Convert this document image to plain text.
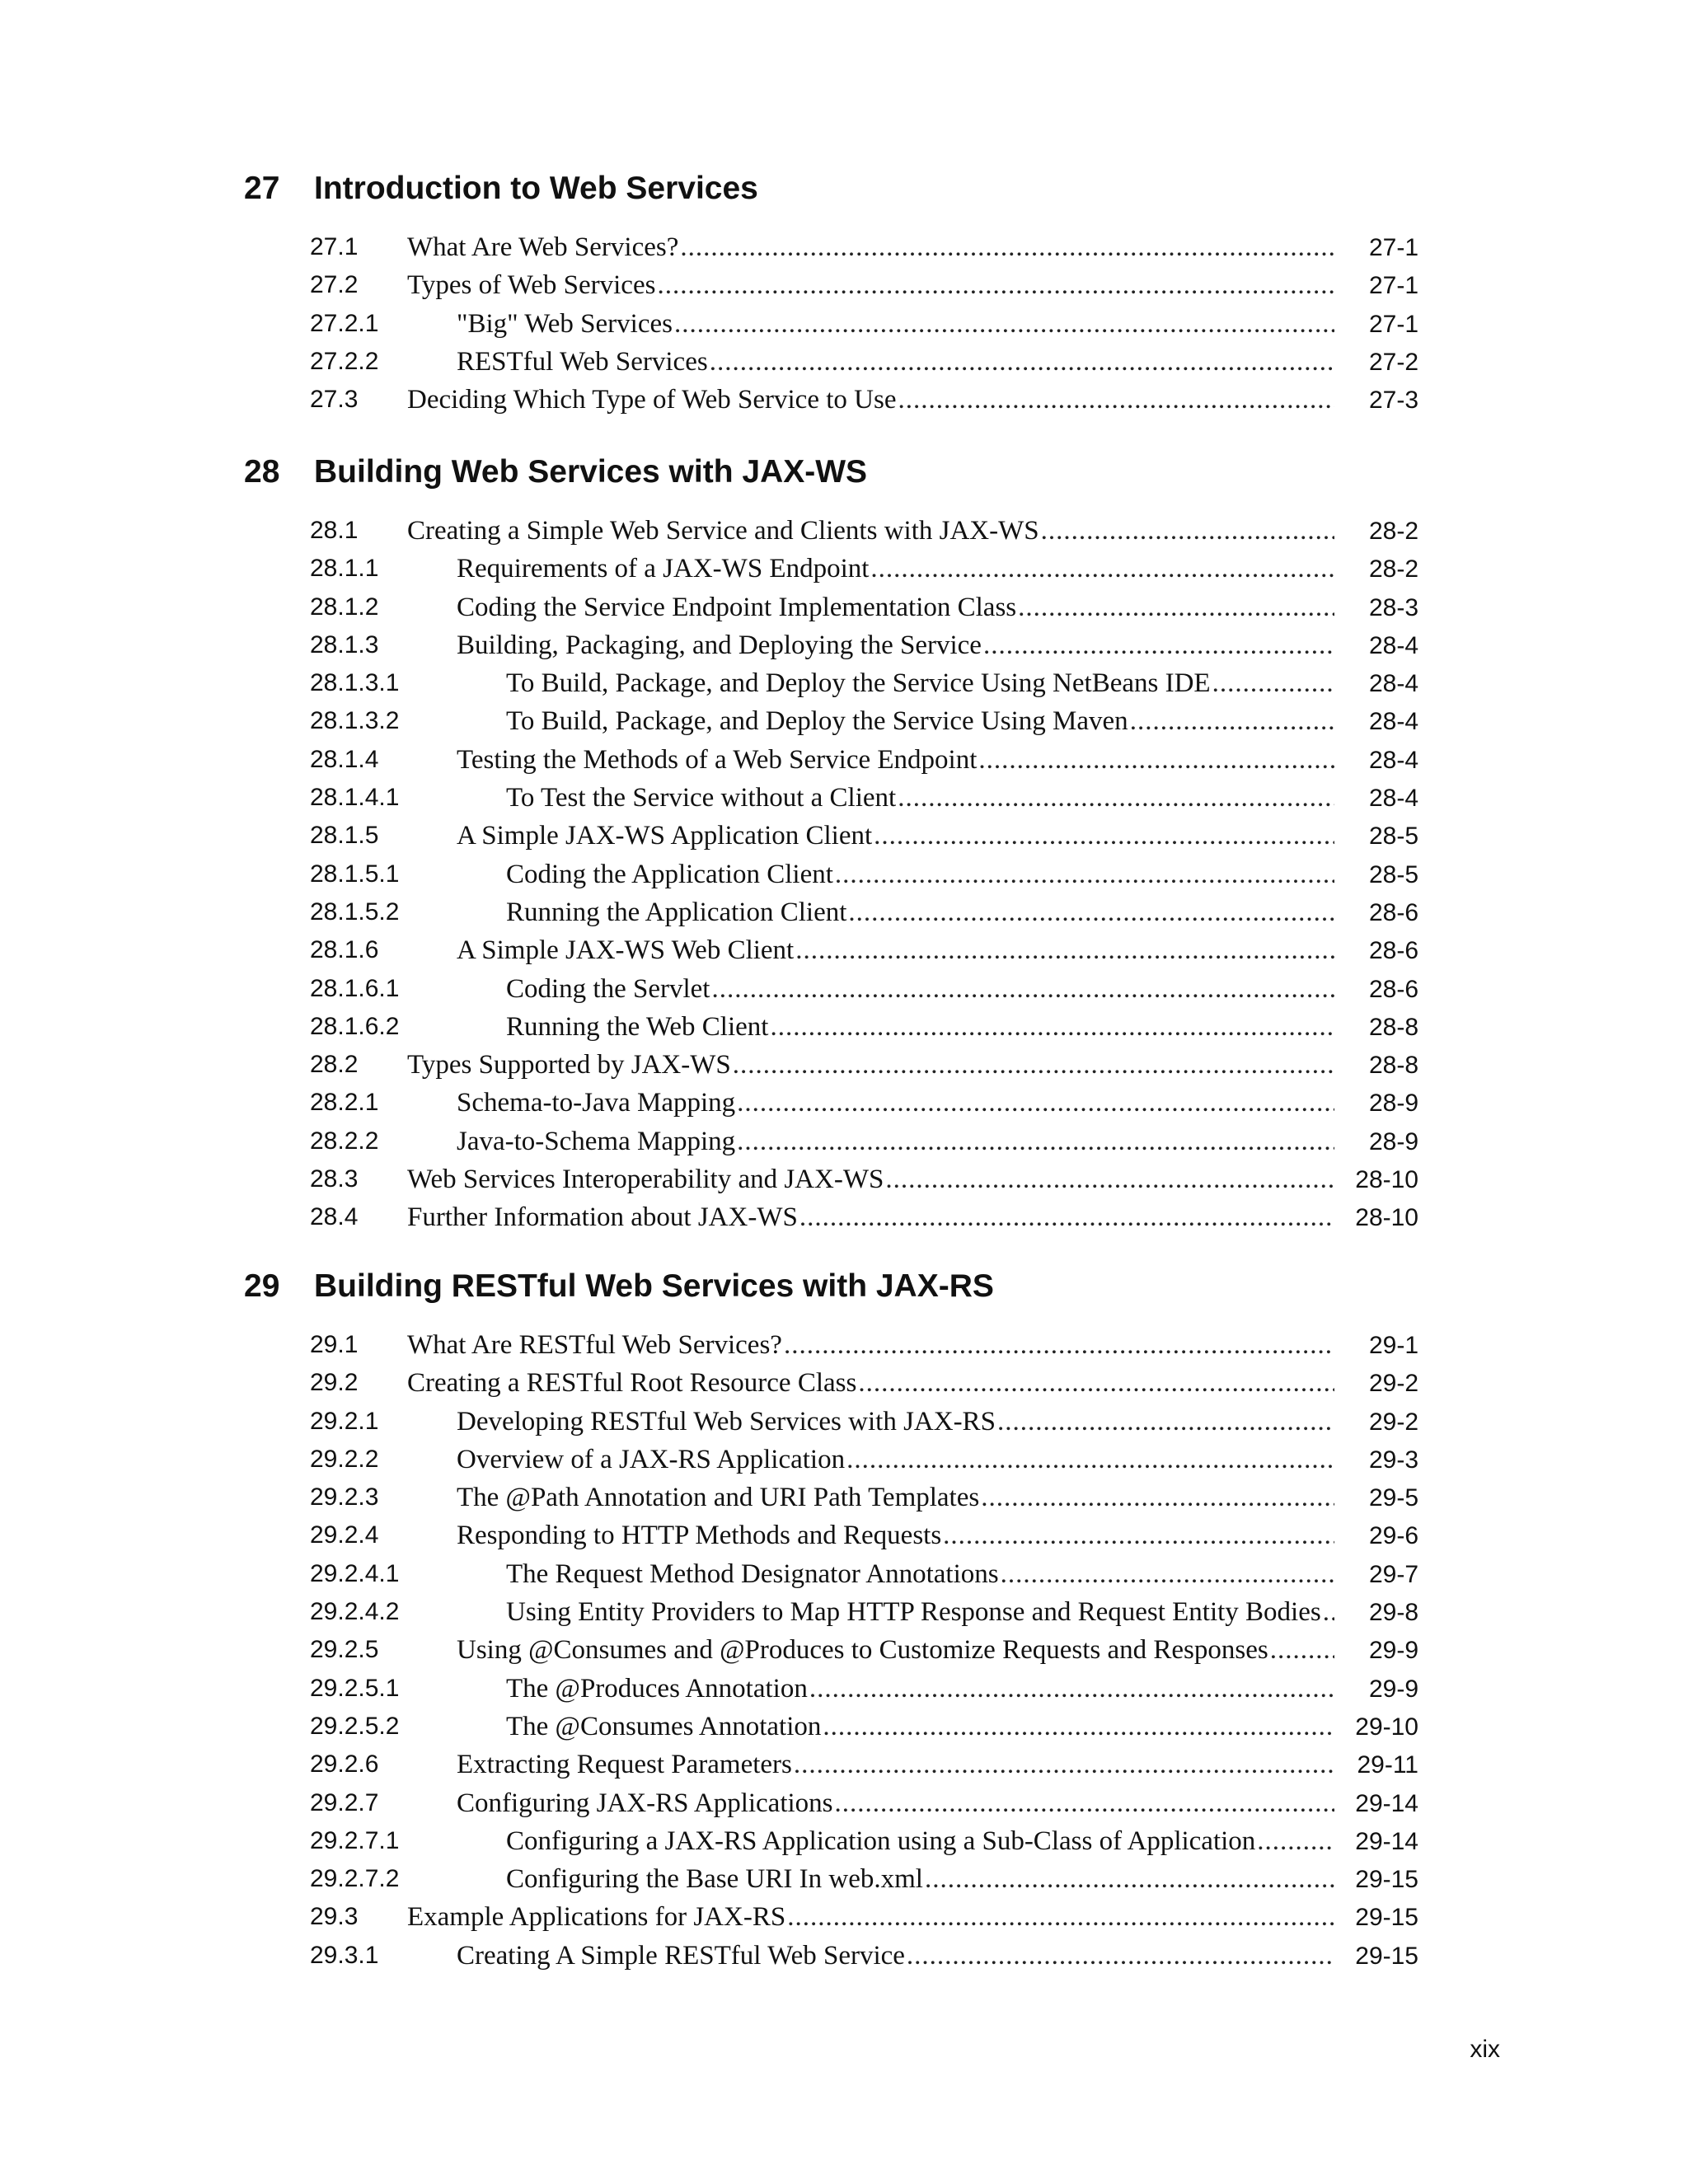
27 Introduction to Web Services
27.1 What Are Web Services? .....	27-1
27.2 Types of Web Services .....	27-1
27.2.1	"Big" Web Services .....	27-1
27.2.2	RESTful Web Services .....	27-2
27.3 Deciding Which Type of Web Service to Use .....	27-3
28 Building Web Services with JAX-WS
28.1 Creating a Simple Web Service and Clients with JAX-WS .....	28-2
28.1.1	Requirements of a JAX-WS Endpoint .....	28-2
28.1.2	Coding the Service Endpoint Implementation Class .....	28-3
28.1.3	Building, Packaging, and Deploying the Service .....	28-4
28.1.3.1	To Build, Package, and Deploy the Service Using NetBeans IDE .....	28-4
28.1.3.2	To Build, Package, and Deploy the Service Using Maven .....	28-4
28.1.4	Testing the Methods of a Web Service Endpoint .....	28-4
28.1.4.1	To Test the Service without a Client .....	28-4
28.1.5	A Simple JAX-WS Application Client .....	28-5
28.1.5.1	Coding the Application Client .....	28-5
28.1.5.2	Running the Application Client .....	28-6
28.1.6	A Simple JAX-WS Web Client .....	28-6
28.1.6.1	Coding the Servlet .....	28-6
28.1.6.2	Running the Web Client .....	28-8
28.2 Types Supported by JAX-WS .....	28-8
28.2.1	Schema-to-Java Mapping .....	28-9
28.2.2	Java-to-Schema Mapping .....	28-9
28.3 Web Services Interoperability and JAX-WS .....	28-10
28.4 Further Information about JAX-WS .....	28-10
29 Building RESTful Web Services with JAX-RS
29.1 What Are RESTful Web Services? .....	29-1
29.2 Creating a RESTful Root Resource Class .....	29-2
29.2.1	Developing RESTful Web Services with JAX-RS .....	29-2
29.2.2	Overview of a JAX-RS Application .....	29-3
29.2.3	The @Path Annotation and URI Path Templates .....	29-5
29.2.4	Responding to HTTP Methods and Requests .....	29-6
29.2.4.1	The Request Method Designator Annotations .....	29-7
29.2.4.2	Using Entity Providers to Map HTTP Response and Request Entity Bodies .....	29-8
29.2.5	Using @Consumes and @Produces to Customize Requests and Responses .....	29-9
29.2.5.1	The @Produces Annotation .....	29-9
29.2.5.2	The @Consumes Annotation .....	29-10
29.2.6	Extracting Request Parameters .....	29-11
29.2.7	Configuring JAX-RS Applications .....	29-14
29.2.7.1	Configuring a JAX-RS Application using a Sub-Class of Application .....	29-14
29.2.7.2	Configuring the Base URI In web.xml .....	29-15
29.3 Example Applications for JAX-RS .....	29-15
29.3.1	Creating A Simple RESTful Web Service .....	29-15
xix
